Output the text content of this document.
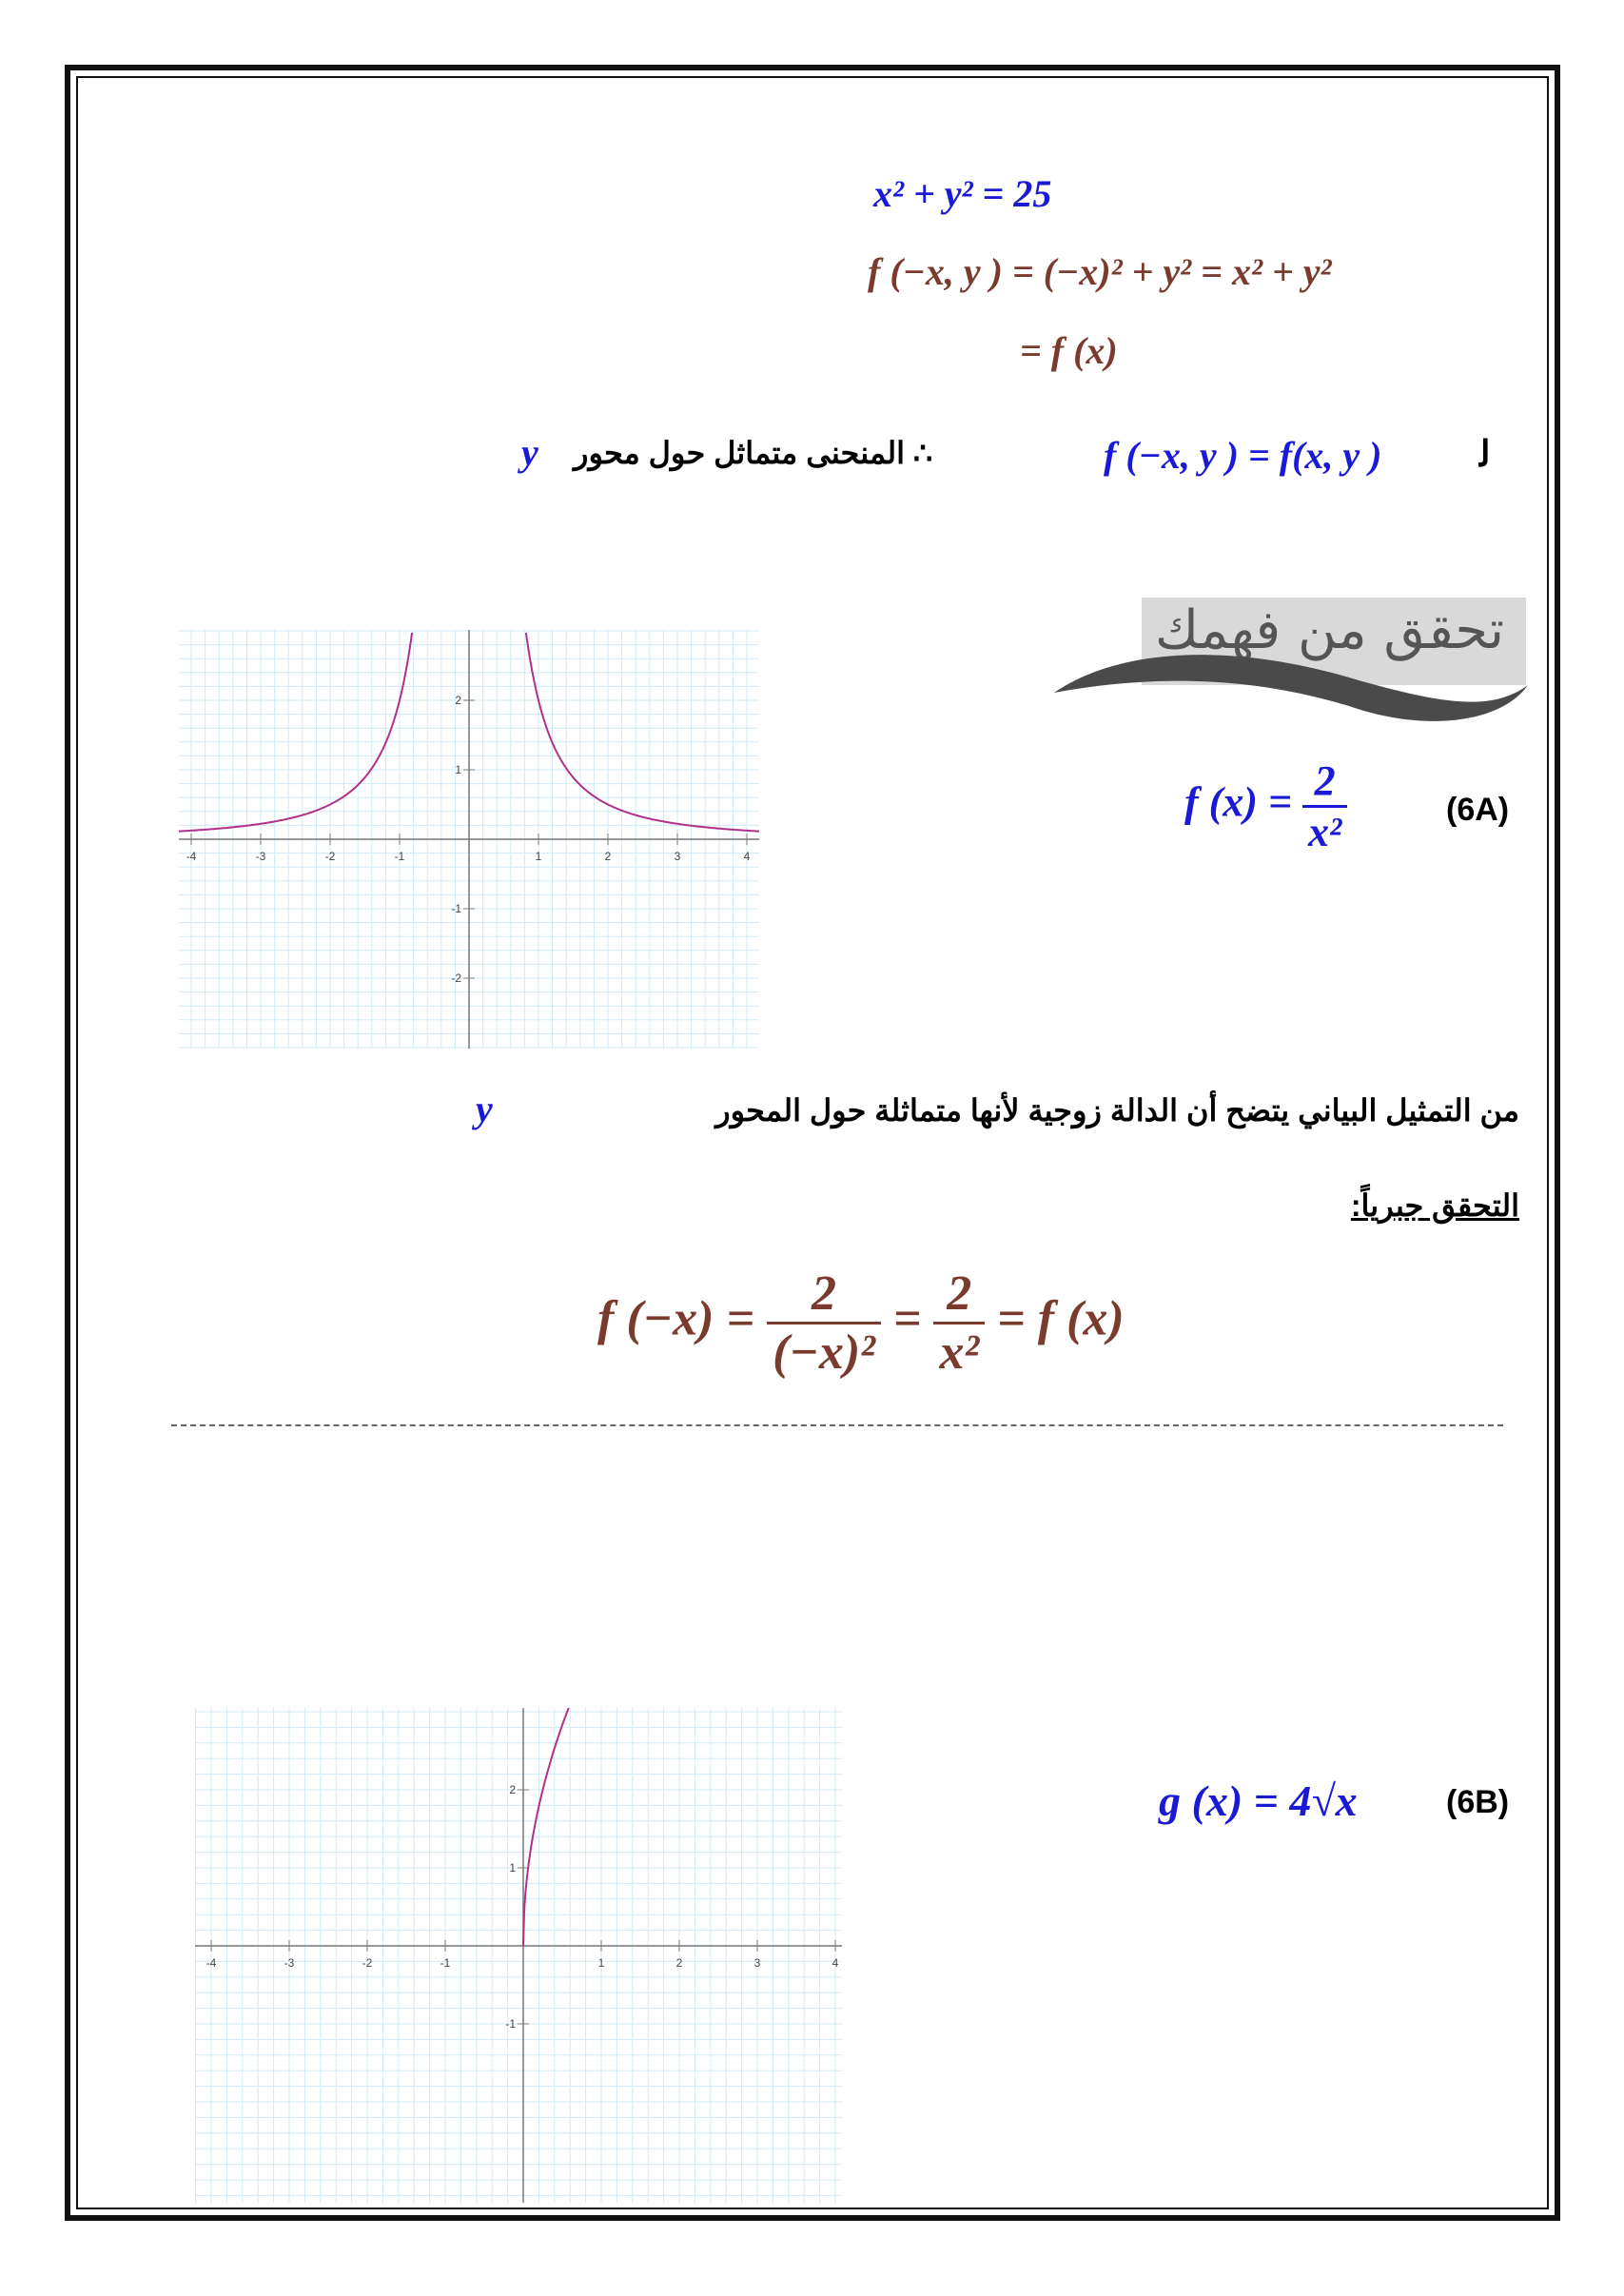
x² + y² = 25
f (−x, y ) = (−x)² + y² = x² + y²
= f (x)
f (−x, y ) = f(x, y )	ﻟ
∴ المنحنى متماثل حول محور
y
تحقق من فهمك
(6A)
f $(x) = \frac{2}{\text{x²}}$
-4	-3	-2	-1	1	2	3	4
2
1
-1
-2
من التمثيل البياني يتضح أن الدالة زوجية لأنها متماثلة حول المحور
y
التحقق جبرياً:
f $(-x) = \frac{2}{\text{(−x)²}} = \frac{2}{\text{x²}} = f$ (x)
(6B)
g (x) = 4√x
-4	-3	-2	-1	1	2	3	4
2
1
-1
